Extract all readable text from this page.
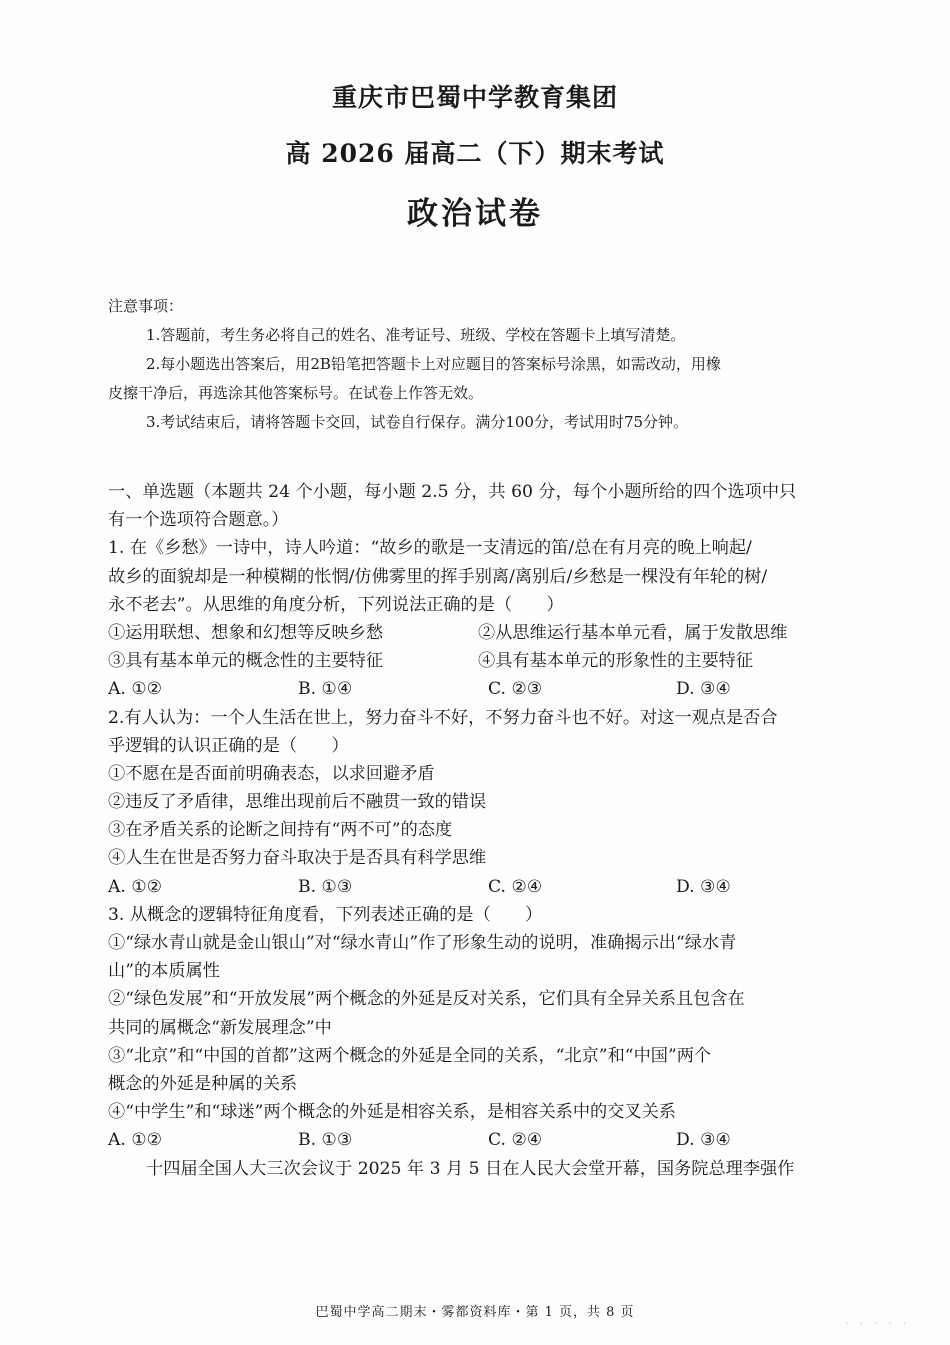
重庆市巴蜀中学教育集团
高 2026 届高二（下）期末考试
政治试卷
注意事项：
1.答题前，考生务必将自己的姓名、准考证号、班级、学校在答题卡上填写清楚。
2.每小题选出答案后，用2B铅笔把答题卡上对应题目的答案标号涂黑，如需改动，用橡
皮擦干净后，再选涂其他答案标号。在试卷上作答无效。
3.考试结束后，请将答题卡交回，试卷自行保存。满分100分，考试用时75分钟。
一、单选题（本题共 24 个小题，每小题 2.5 分，共 60 分，每个小题所给的四个选项中只
有一个选项符合题意。）
1. 在《乡愁》一诗中，诗人吟道：“故乡的歌是一支清远的笛/总在有月亮的晚上响起/
故乡的面貌却是一种模糊的怅惘/仿佛雾里的挥手别离/离别后/乡愁是一棵没有年轮的树/
永不老去”。从思维的角度分析，下列说法正确的是（　　）
①运用联想、想象和幻想等反映乡愁	②从思维运行基本单元看，属于发散思维
③具有基本单元的概念性的主要特征	④具有基本单元的形象性的主要特征
A. ①②	B. ①④	C. ②③	D. ③④
2.有人认为：一个人生活在世上，努力奋斗不好，不努力奋斗也不好。对这一观点是否合
乎逻辑的认识正确的是（　　）
①不愿在是否面前明确表态，以求回避矛盾
②违反了矛盾律，思维出现前后不融贯一致的错误
③在矛盾关系的论断之间持有“两不可”的态度
④人生在世是否努力奋斗取决于是否具有科学思维
A. ①②	B. ①③	C. ②④	D. ③④
3. 从概念的逻辑特征角度看，下列表述正确的是（　　）
①“绿水青山就是金山银山”对“绿水青山”作了形象生动的说明，准确揭示出“绿水青
山”的本质属性
②“绿色发展”和“开放发展”两个概念的外延是反对关系，它们具有全异关系且包含在
共同的属概念“新发展理念”中
③“北京”和“中国的首都”这两个概念的外延是全同的关系，“北京”和“中国”两个
概念的外延是种属的关系
④“中学生”和“球迷”两个概念的外延是相容关系，是相容关系中的交叉关系
A. ①②	B. ①③	C. ②④	D. ③④
十四届全国人大三次会议于 2025 年 3 月 5 日在人民大会堂开幕，国务院总理李强作
巴蜀中学高二期末・雾都资料库・第 1 页，共 8 页
. . . . .
